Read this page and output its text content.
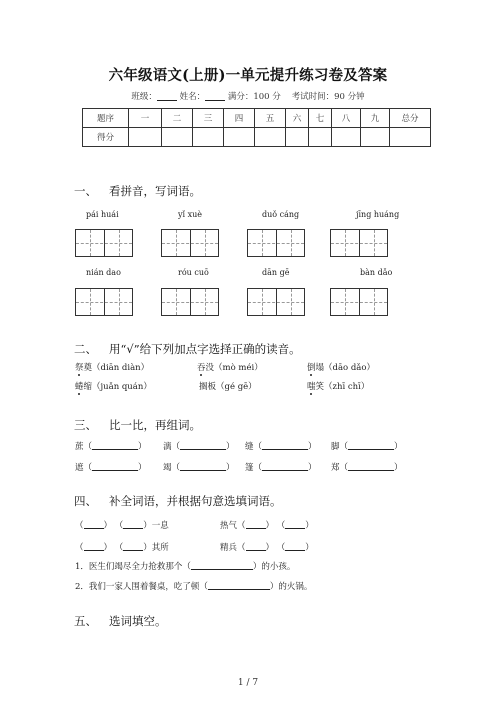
六年级语文(上册)一单元提升练习卷及答案
班级：	姓名：	满分：100 分 考试时间：90 分钟
题序	一	二	三	四	五	六	七	八	九	总分
得分										
一、 看拼音，写词语。
pái huái	yǐ xuè	duǒ cáng	jīng huáng
nián dao	róu cuō	dān gē	bàn dǎo
二、 用“√”给下列加点字选择正确的读音。
祭奠（diān diàn）	吞没（mò méi）	倒塌（dāo dǎo）
蜷缩（juǎn quán）	搁板（gé gē）	嗤笑（zhī chī）
三、 比一比，再组词。
蔗（	） 漓（	） 缝（	） 脚（	）
遮（	） 竭（	） 篷（	） 郑（	）
四、 补全词语，并根据句意选填词语。
（ ） （ ）一息	热气（ ） （ ）
（ ） （ ）其所	精兵（ ） （ ）
1．医生们竭尽全力抢救那个（	）的小孩。
2．我们一家人围着餐桌，吃了顿（	）的火锅。
五、 选词填空。
1 / 7
